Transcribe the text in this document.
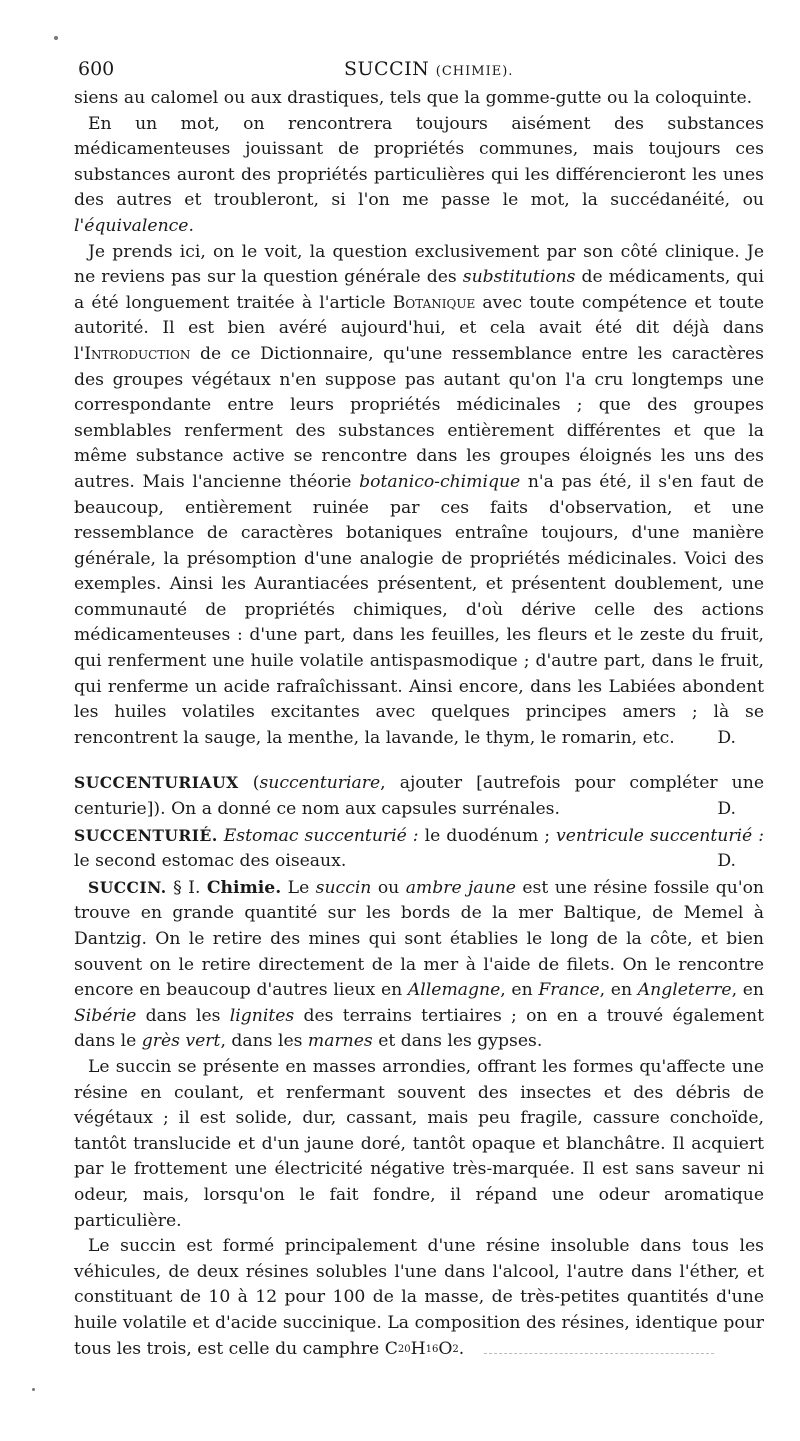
600	SUCCIN (CHIMIE).

siens au calomel ou aux drastiques, tels que la gomme-gutte ou la coloquinte.

En un mot, on rencontrera toujours aisément des substances médicamenteuses jouissant de propriétés communes, mais toujours ces substances auront des propriétés particulières qui les différencieront les unes des autres et troubleront, si l'on me passe le mot, la succédanéité, ou l'équivalence.

Je prends ici, on le voit, la question exclusivement par son côté clinique. Je ne reviens pas sur la question générale des substitutions de médicaments, qui a été longuement traitée à l'article Botanique avec toute compétence et toute autorité. Il est bien avéré aujourd'hui, et cela avait été dit déjà dans l'Introduction de ce Dictionnaire, qu'une ressemblance entre les caractères des groupes végétaux n'en suppose pas autant qu'on l'a cru longtemps une correspondante entre leurs propriétés médicinales ; que des groupes semblables renferment des substances entièrement différentes et que la même substance active se rencontre dans les groupes éloignés les uns des autres. Mais l'ancienne théorie botanico-chimique n'a pas été, il s'en faut de beaucoup, entièrement ruinée par ces faits d'observation, et une ressemblance de caractères botaniques entraîne toujours, d'une manière générale, la présomption d'une analogie de propriétés médicinales. Voici des exemples. Ainsi les Aurantiacées présentent, et présentent doublement, une communauté de propriétés chimiques, d'où dérive celle des actions médicamenteuses : d'une part, dans les feuilles, les fleurs et le zeste du fruit, qui renferment une huile volatile antispasmodique ; d'autre part, dans le fruit, qui renferme un acide rafraîchissant. Ainsi encore, dans les Labiées abondent les huiles volatiles excitantes avec quelques principes amers ; là se rencontrent la sauge, la menthe, la lavande, le thym, le romarin, etc.	D.

SUCCENTURIAUX (succenturiare, ajouter [autrefois pour compléter une centurie]). On a donné ce nom aux capsules surrénales.	D.

SUCCENTURIÉ. Estomac succenturié : le duodénum ; ventricule succenturié : le second estomac des oiseaux.	D.

SUCCIN. § I. Chimie. Le succin ou ambre jaune est une résine fossile qu'on trouve en grande quantité sur les bords de la mer Baltique, de Memel à Dantzig. On le retire des mines qui sont établies le long de la côte, et bien souvent on le retire directement de la mer à l'aide de filets. On le rencontre encore en beaucoup d'autres lieux en Allemagne, en France, en Angleterre, en Sibérie dans les lignites des terrains tertiaires ; on en a trouvé également dans le grès vert, dans les marnes et dans les gypses.

Le succin se présente en masses arrondies, offrant les formes qu'affecte une résine en coulant, et renfermant souvent des insectes et des débris de végétaux ; il est solide, dur, cassant, mais peu fragile, cassure conchoïde, tantôt translucide et d'un jaune doré, tantôt opaque et blanchâtre. Il acquiert par le frottement une électricité négative très-marquée. Il est sans saveur ni odeur, mais, lorsqu'on le fait fondre, il répand une odeur aromatique particulière.

Le succin est formé principalement d'une résine insoluble dans tous les véhicules, de deux résines solubles l'une dans l'alcool, l'autre dans l'éther, et constituant de 10 à 12 pour 100 de la masse, de très-petites quantités d'une huile volatile et d'acide succinique. La composition des résines, identique pour tous les trois, est celle du camphre $C^{20}H^{16}O^2$.
